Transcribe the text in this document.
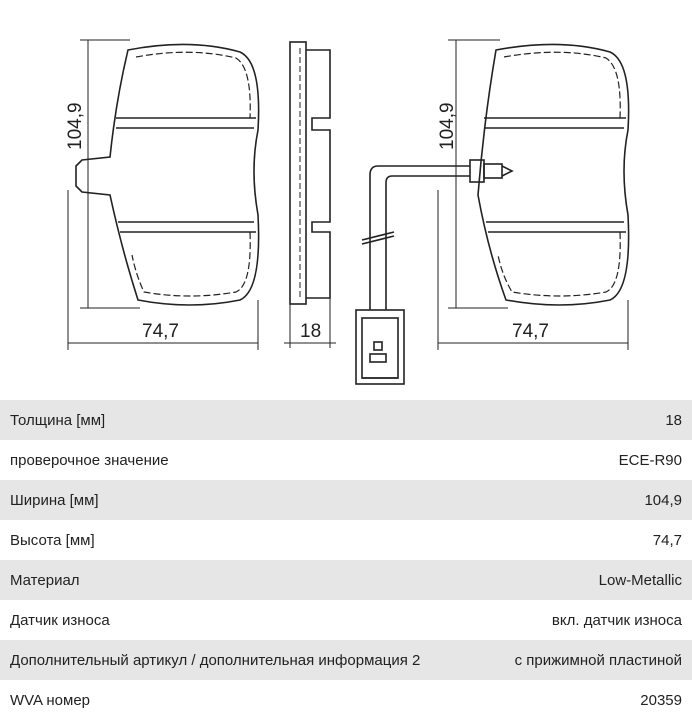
104,9
74,7	18
104,9
74,7
Толщина [мм]	18
проверочное значение	ECE-R90
Ширина [мм]	104,9
Высота [мм]	74,7
Материал	Low-Metallic
Датчик износа	вкл. датчик износа
Дополнительный артикул / дополнительная информация 2	с прижимной пластиной
WVA номер	20359
